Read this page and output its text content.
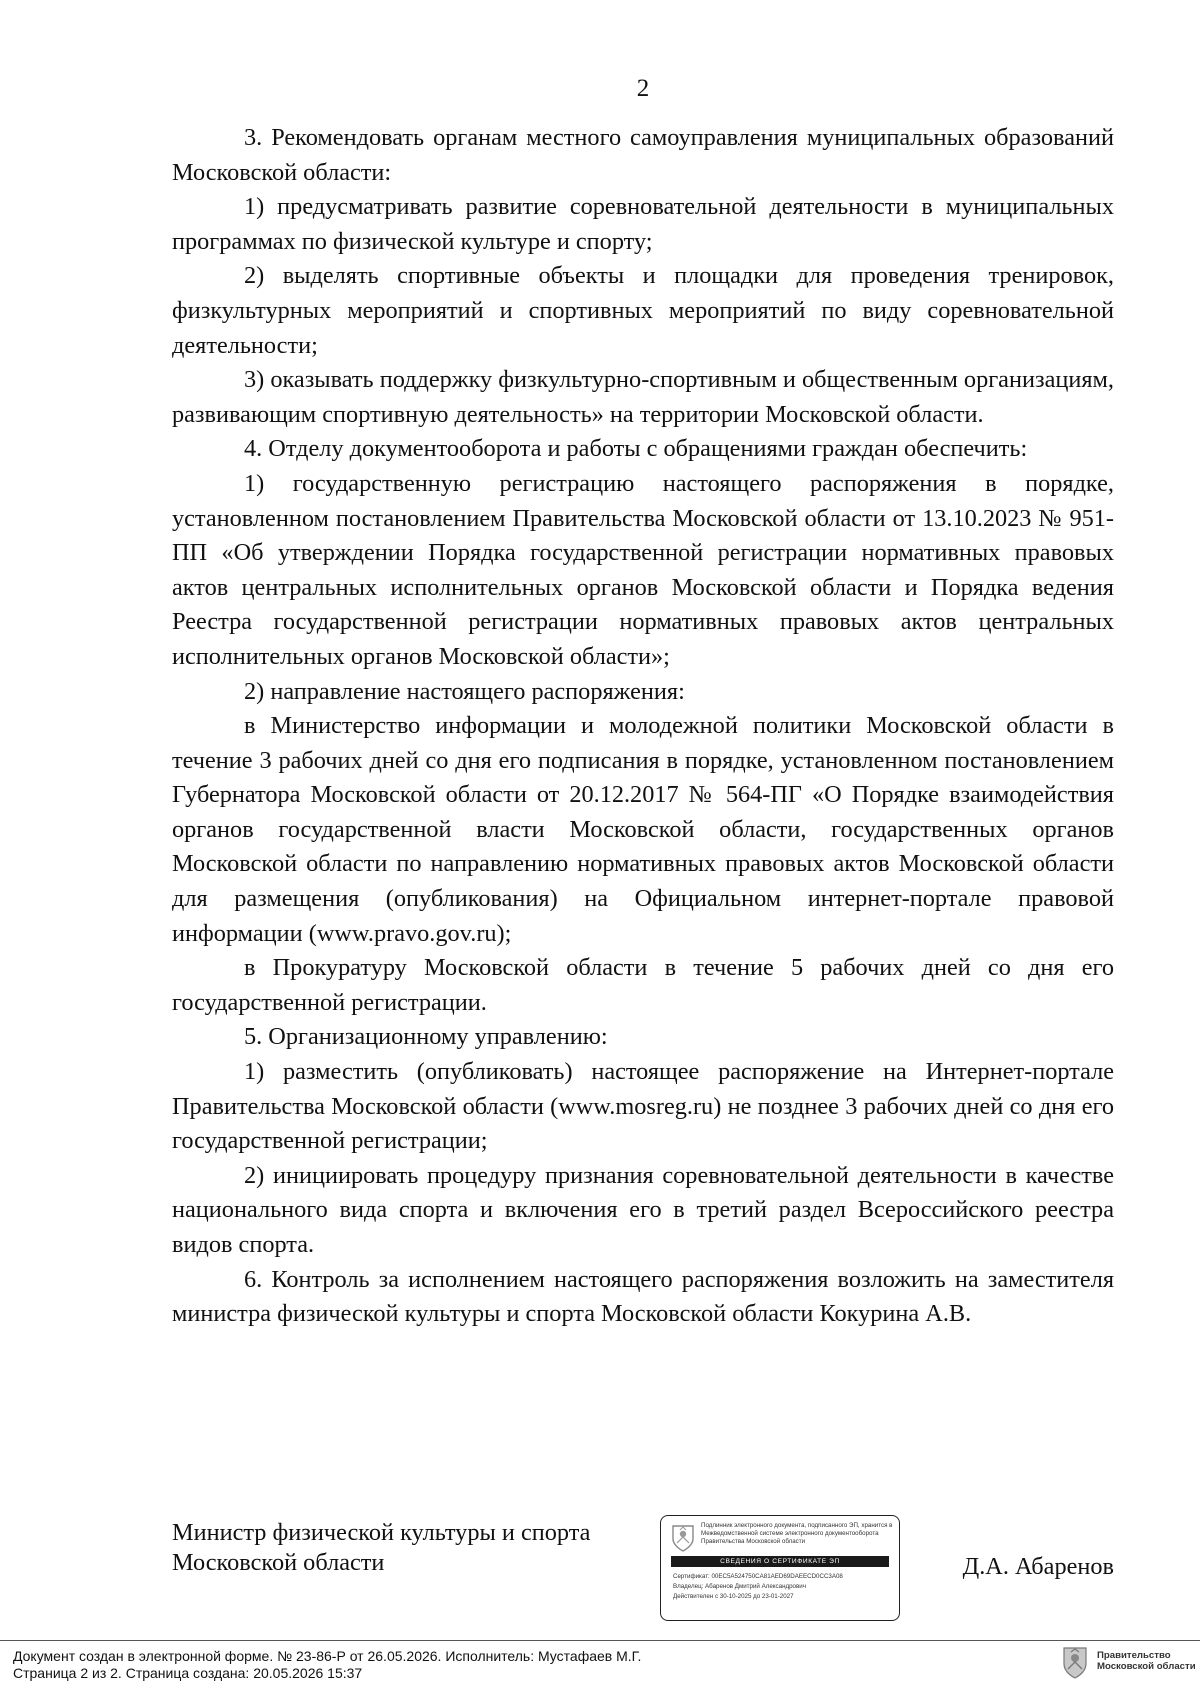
2

3. Рекомендовать органам местного самоуправления муниципальных образований Московской области:

1) предусматривать развитие соревновательной деятельности в муниципальных программах по физической культуре и спорту;

2) выделять спортивные объекты и площадки для проведения тренировок, физкультурных мероприятий и спортивных мероприятий по виду соревновательной деятельности;

3) оказывать поддержку физкультурно-спортивным и общественным организациям, развивающим спортивную деятельность» на территории Московской области.

4. Отделу документооборота и работы с обращениями граждан обеспечить:

1) государственную регистрацию настоящего распоряжения в порядке, установленном постановлением Правительства Московской области от 13.10.2023 № 951-ПП «Об утверждении Порядка государственной регистрации нормативных правовых актов центральных исполнительных органов Московской области и Порядка ведения Реестра государственной регистрации нормативных правовых актов центральных исполнительных органов Московской области»;

2) направление настоящего распоряжения:

в Министерство информации и молодежной политики Московской области в течение 3 рабочих дней со дня его подписания в порядке, установленном постановлением Губернатора Московской области от 20.12.2017 № 564-ПГ «О Порядке взаимодействия органов государственной власти Московской области, государственных органов Московской области по направлению нормативных правовых актов Московской области для размещения (опубликования) на Официальном интернет-портале правовой информации (www.pravo.gov.ru);

в Прокуратуру Московской области в течение 5 рабочих дней со дня его государственной регистрации.

5. Организационному управлению:

1) разместить (опубликовать) настоящее распоряжение на Интернет-портале Правительства Московской области (www.mosreg.ru) не позднее 3 рабочих дней со дня его государственной регистрации;

2) инициировать процедуру признания соревновательной деятельности в качестве национального вида спорта и включения его в третий раздел Всероссийского реестра видов спорта.

6. Контроль за исполнением настоящего распоряжения возложить на заместителя министра физической культуры и спорта Московской области Кокурина А.В.

Министр физической культуры и спорта
Московской области
Подлинник электронного документа, подписанного ЭП, хранится в Межведомственной системе электронного документооборота Правительства Московской области
СВЕДЕНИЯ О СЕРТИФИКАТЕ ЭП
Сертификат: 00EC5A524750CA81AED69DAEECD0CC3A08
Владелец: Абаренов Дмитрий Александрович
Действителен с 30-10-2025 до 23-01-2027
Д.А. Абаренов
Документ создан в электронной форме. № 23-86-Р от 26.05.2026. Исполнитель: Мустафаев М.Г.
Страница 2 из 2. Страница создана: 20.05.2026 15:37
Правительство
Московской области
